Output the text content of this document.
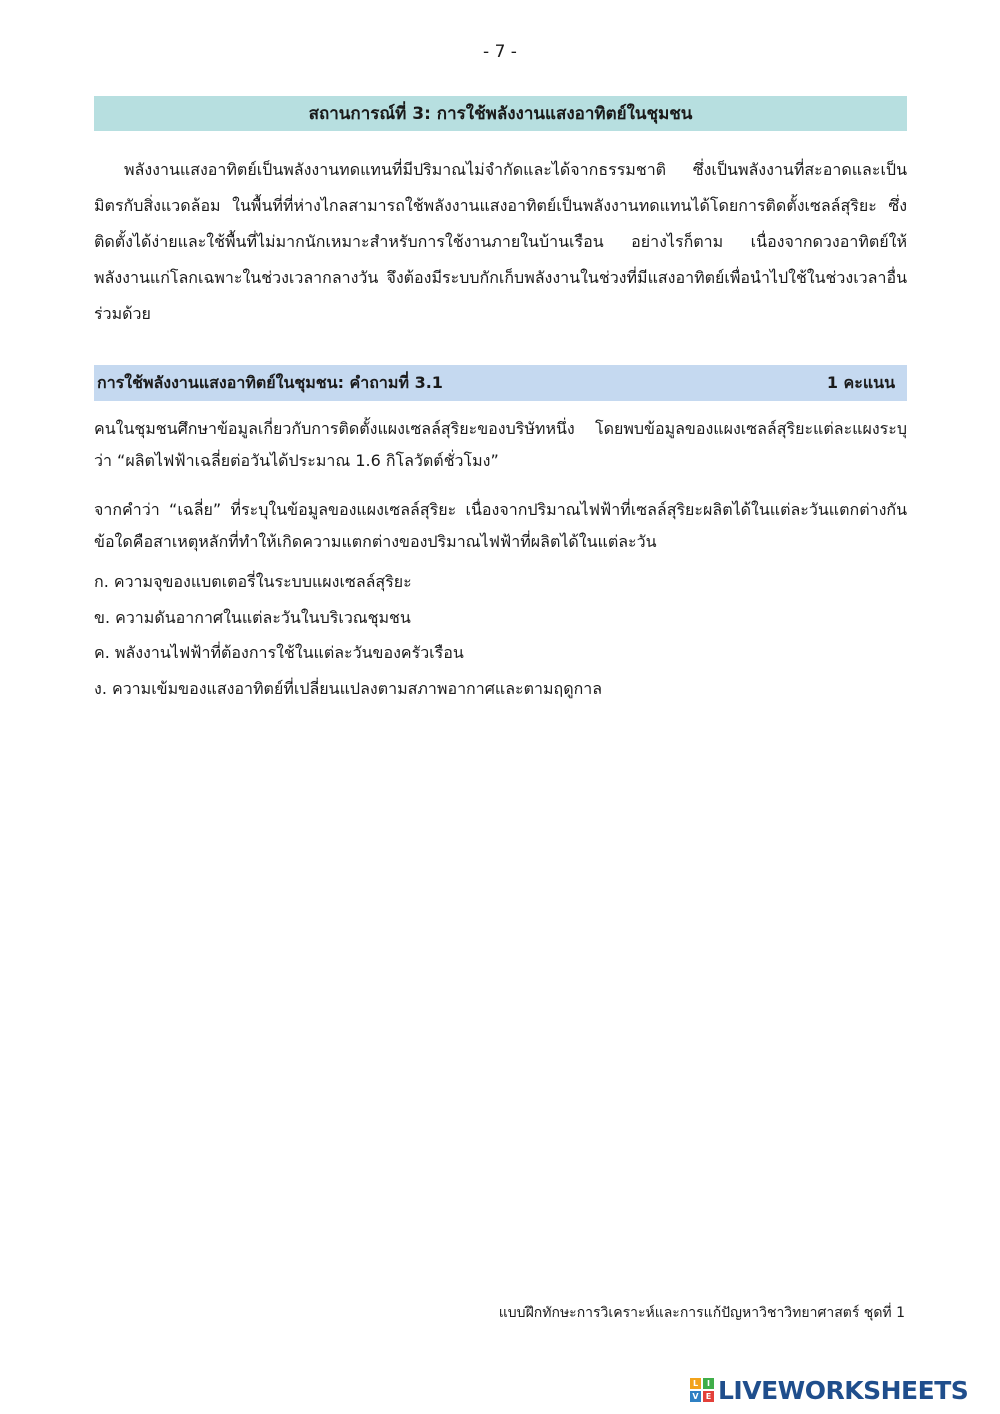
- 7 -
สถานการณ์ที่ 3: การใช้พลังงานแสงอาทิตย์ในชุมชน

พลังงานแสงอาทิตย์เป็นพลังงานทดแทนที่มีปริมาณไม่จำกัดและได้จากธรรมชาติ ซึ่งเป็นพลังงานที่สะอาดและเป็นมิตรกับสิ่งแวดล้อม ในพื้นที่ที่ห่างไกลสามารถใช้พลังงานแสงอาทิตย์เป็นพลังงานทดแทนได้โดยการติดตั้งเซลล์สุริยะ ซึ่งติดตั้งได้ง่ายและใช้พื้นที่ไม่มากนักเหมาะสำหรับการใช้งานภายในบ้านเรือน อย่างไรก็ตาม เนื่องจากดวงอาทิตย์ให้พลังงานแก่โลกเฉพาะในช่วงเวลากลางวัน จึงต้องมีระบบกักเก็บพลังงานในช่วงที่มีแสงอาทิตย์เพื่อนำไปใช้ในช่วงเวลาอื่นร่วมด้วย

การใช้พลังงานแสงอาทิตย์ในชุมชน: คำถามที่ 3.1	1 คะแนน

คนในชุมชนศึกษาข้อมูลเกี่ยวกับการติดตั้งแผงเซลล์สุริยะของบริษัทหนึ่ง โดยพบข้อมูลของแผงเซลล์สุริยะแต่ละแผงระบุว่า “ผลิตไฟฟ้าเฉลี่ยต่อวันได้ประมาณ 1.6 กิโลวัตต์ชั่วโมง”

จากคำว่า “เฉลี่ย” ที่ระบุในข้อมูลของแผงเซลล์สุริยะ เนื่องจากปริมาณไฟฟ้าที่เซลล์สุริยะผลิตได้ในแต่ละวันแตกต่างกัน ข้อใดคือสาเหตุหลักที่ทำให้เกิดความแตกต่างของปริมาณไฟฟ้าที่ผลิตได้ในแต่ละวัน

ก. ความจุของแบตเตอรี่ในระบบแผงเซลล์สุริยะ
ข. ความดันอากาศในแต่ละวันในบริเวณชุมชน
ค. พลังงานไฟฟ้าที่ต้องการใช้ในแต่ละวันของครัวเรือน
ง. ความเข้มของแสงอาทิตย์ที่เปลี่ยนแปลงตามสภาพอากาศและตามฤดูกาล
แบบฝึกทักษะการวิเคราะห์และการแก้ปัญหาวิชาวิทยาศาสตร์ ชุดที่ 1
L	I
V E LIVEWORKSHEETS
